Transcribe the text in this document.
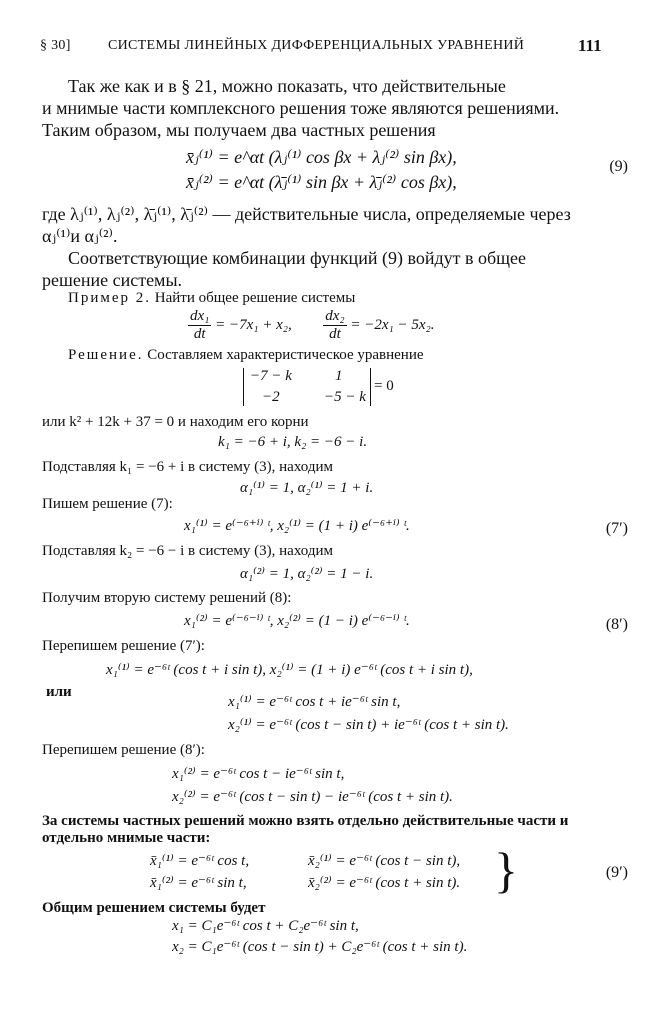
§ 30]	СИСТЕМЫ ЛИНЕЙНЫХ ДИФФЕРЕНЦИАЛЬНЫХ УРАВНЕНИЙ	111
Так же как и в § 21, можно показать, что действительные
и мнимые части комплексного решения тоже являются решениями.
Таким образом, мы получаем два частных решения
x̄ⱼ⁽¹⁾ = e^αt (λⱼ⁽¹⁾ cos βx + λⱼ⁽²⁾ sin βx),
x̄ⱼ⁽²⁾ = e^αt (λ̄ⱼ⁽¹⁾ sin βx + λ̄ⱼ⁽²⁾ cos βx),
(9)
где λⱼ⁽¹⁾, λⱼ⁽²⁾, λ̄ⱼ⁽¹⁾, λ̄ⱼ⁽²⁾ — действительные числа, определяемые через
αⱼ⁽¹⁾и αⱼ⁽²⁾.
Соответствующие комбинации функций (9) войдут в общее
решение системы.
Пример 2. Найти общее решение системы
$\frac{\text{dx₁}}{dt} = -7x_1 + x_2$, $\frac{\text{dx₂}}{dt} = -2x_1 - 5x_2$.
Решение. Составляем характеристическое уравнение
−7 − k	1
−2	−5 − k
= 0
или k² + 12k + 37 = 0 и находим его корни
k₁ = −6 + i, k₂ = −6 − i.
Подставляя k₁ = −6 + i в систему (3), находим
α₁⁽¹⁾ = 1, α₂⁽¹⁾ = 1 + i.
Пишем решение (7):
x₁⁽¹⁾ = e⁽⁻⁶⁺ⁱ⁾ ᵗ, x₂⁽¹⁾ = (1 + i) e⁽⁻⁶⁺ⁱ⁾ ᵗ.	(7′)
Подставляя k₂ = −6 − i в систему (3), находим
α₁⁽²⁾ = 1, α₂⁽²⁾ = 1 − i.
Получим вторую систему решений (8):
x₁⁽²⁾ = e⁽⁻⁶⁻ⁱ⁾ ᵗ, x₂⁽²⁾ = (1 − i) e⁽⁻⁶⁻ⁱ⁾ ᵗ.	(8′)
Перепишем решение (7′):
x₁⁽¹⁾ = e⁻⁶ᵗ (cos t + i sin t), x₂⁽¹⁾ = (1 + i) e⁻⁶ᵗ (cos t + i sin t),
или
x₁⁽¹⁾ = e⁻⁶ᵗ cos t + ie⁻⁶ᵗ sin t,
x₂⁽¹⁾ = e⁻⁶ᵗ (cos t − sin t) + ie⁻⁶ᵗ (cos t + sin t).
Перепишем решение (8′):
x₁⁽²⁾ = e⁻⁶ᵗ cos t − ie⁻⁶ᵗ sin t,
x₂⁽²⁾ = e⁻⁶ᵗ (cos t − sin t) − ie⁻⁶ᵗ (cos t + sin t).
За системы частных решений можно взять отдельно действительные части и
отдельно мнимые части:
x̄₁⁽¹⁾ = e⁻⁶ᵗ cos t,	x̄₂⁽¹⁾ = e⁻⁶ᵗ (cos t − sin t),
x̄₁⁽²⁾ = e⁻⁶ᵗ sin t,	x̄₂⁽²⁾ = e⁻⁶ᵗ (cos t + sin t). }	(9′)
Общим решением системы будет
x₁ = C₁e⁻⁶ᵗ cos t + C₂e⁻⁶ᵗ sin t,
x₂ = C₁e⁻⁶ᵗ (cos t − sin t) + C₂e⁻⁶ᵗ (cos t + sin t).
